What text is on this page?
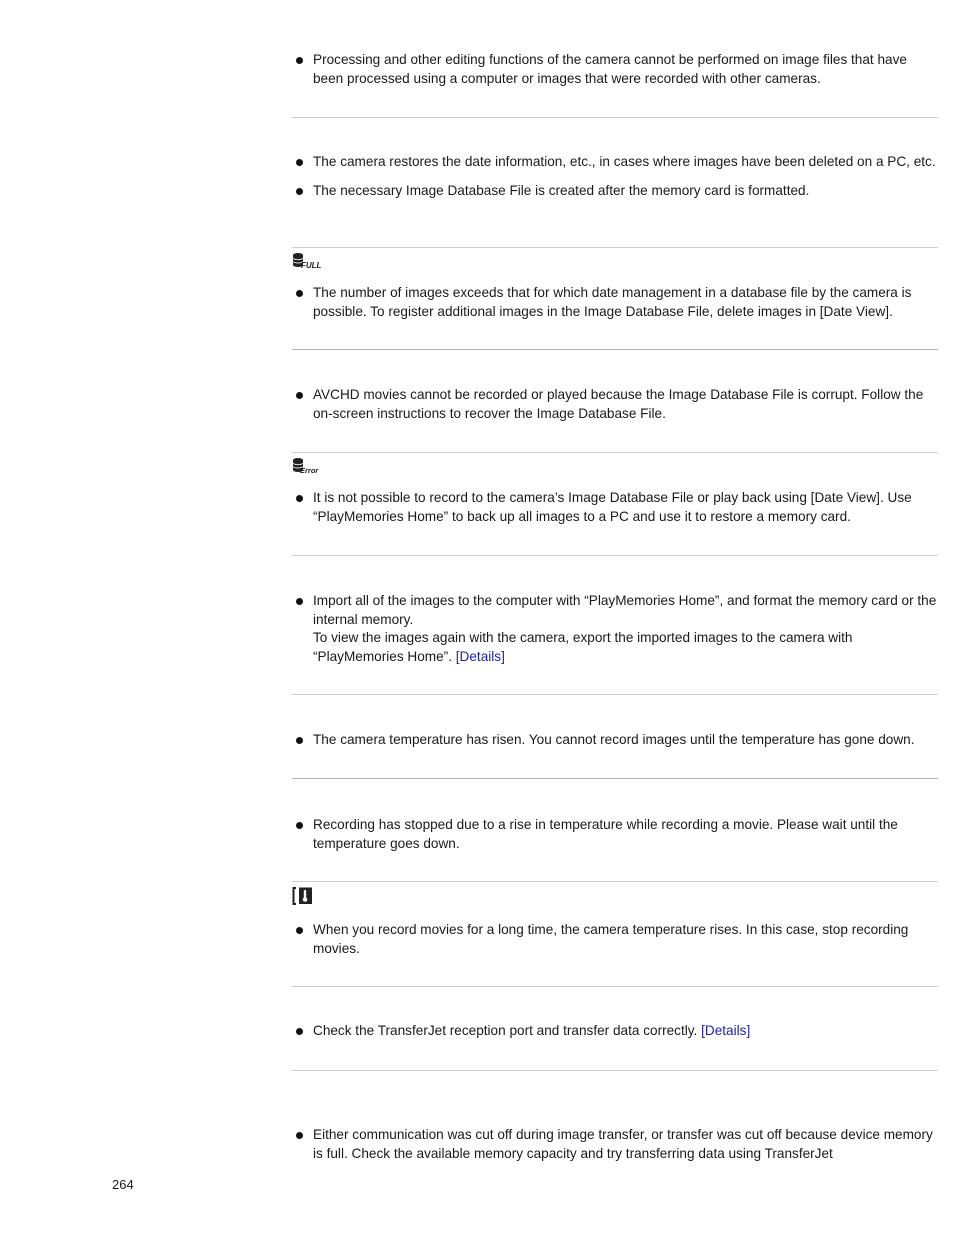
Processing and other editing functions of the camera cannot be performed on image files that have been processed using a computer or images that were recorded with other cameras.
The camera restores the date information, etc., in cases where images have been deleted on a PC, etc.
The necessary Image Database File is created after the memory card is formatted.
FULL
The number of images exceeds that for which date management in a database file by the camera is possible. To register additional images in the Image Database File, delete images in [Date View].
AVCHD movies cannot be recorded or played because the Image Database File is corrupt. Follow the on-screen instructions to recover the Image Database File.
Error
It is not possible to record to the camera’s Image Database File or play back using [Date View]. Use “PlayMemories Home” to back up all images to a PC and use it to restore a memory card.
Import all of the images to the computer with “PlayMemories Home”, and format the memory card or the internal memory.
To view the images again with the camera, export the imported images to the camera with “PlayMemories Home”. [Details]
The camera temperature has risen. You cannot record images until the temperature has gone down.
Recording has stopped due to a rise in temperature while recording a movie. Please wait until the temperature goes down.
When you record movies for a long time, the camera temperature rises. In this case, stop recording movies.
Check the TransferJet reception port and transfer data correctly. [Details]
Either communication was cut off during image transfer, or transfer was cut off because device memory is full. Check the available memory capacity and try transferring data using TransferJet
264
